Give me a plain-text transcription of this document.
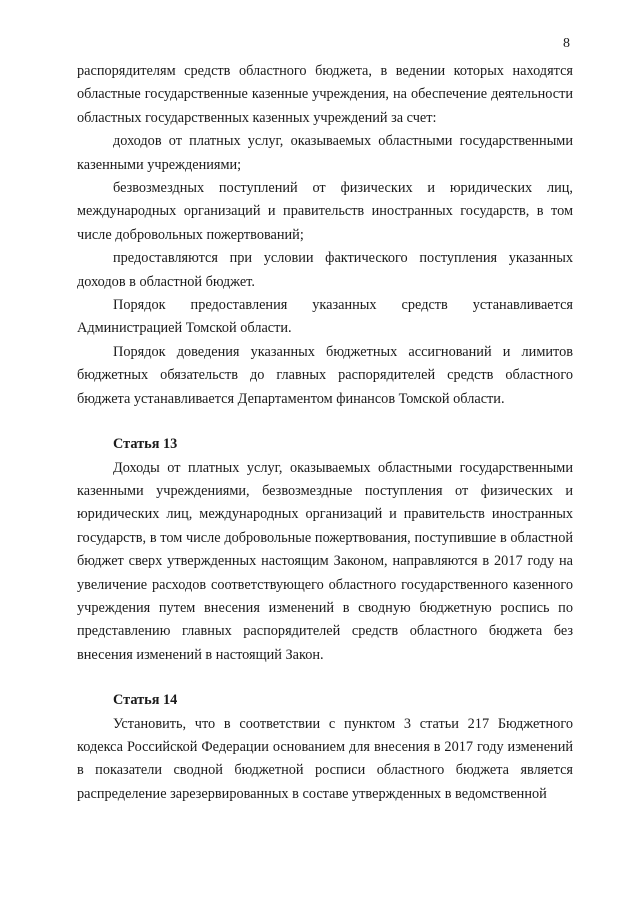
8

распорядителям средств областного бюджета, в ведении которых находятся областные государственные казенные учреждения, на обеспечение деятельности областных государственных казенных учреждений за счет:

доходов от платных услуг, оказываемых областными государственными казенными учреждениями;

безвозмездных поступлений от физических и юридических лиц, международных организаций и правительств иностранных государств, в том числе добровольных пожертвований;

предоставляются при условии фактического поступления указанных доходов в областной бюджет.

Порядок предоставления указанных средств устанавливается Администрацией Томской области.

Порядок доведения указанных бюджетных ассигнований и лимитов бюджетных обязательств до главных распорядителей средств областного бюджета устанавливается Департаментом финансов Томской области.

Статья 13

Доходы от платных услуг, оказываемых областными государственными казенными учреждениями, безвозмездные поступления от физических и юридических лиц, международных организаций и правительств иностранных государств, в том числе добровольные пожертвования, поступившие в областной бюджет сверх утвержденных настоящим Законом, направляются в 2017 году на увеличение расходов соответствующего областного государственного казенного учреждения путем внесения изменений в сводную бюджетную роспись по представлению главных распорядителей средств областного бюджета без внесения изменений в настоящий Закон.

Статья 14

Установить, что в соответствии с пунктом 3 статьи 217 Бюджетного кодекса Российской Федерации основанием для внесения в 2017 году изменений в показатели сводной бюджетной росписи областного бюджета является распределение зарезервированных в составе утвержденных в ведомственной
